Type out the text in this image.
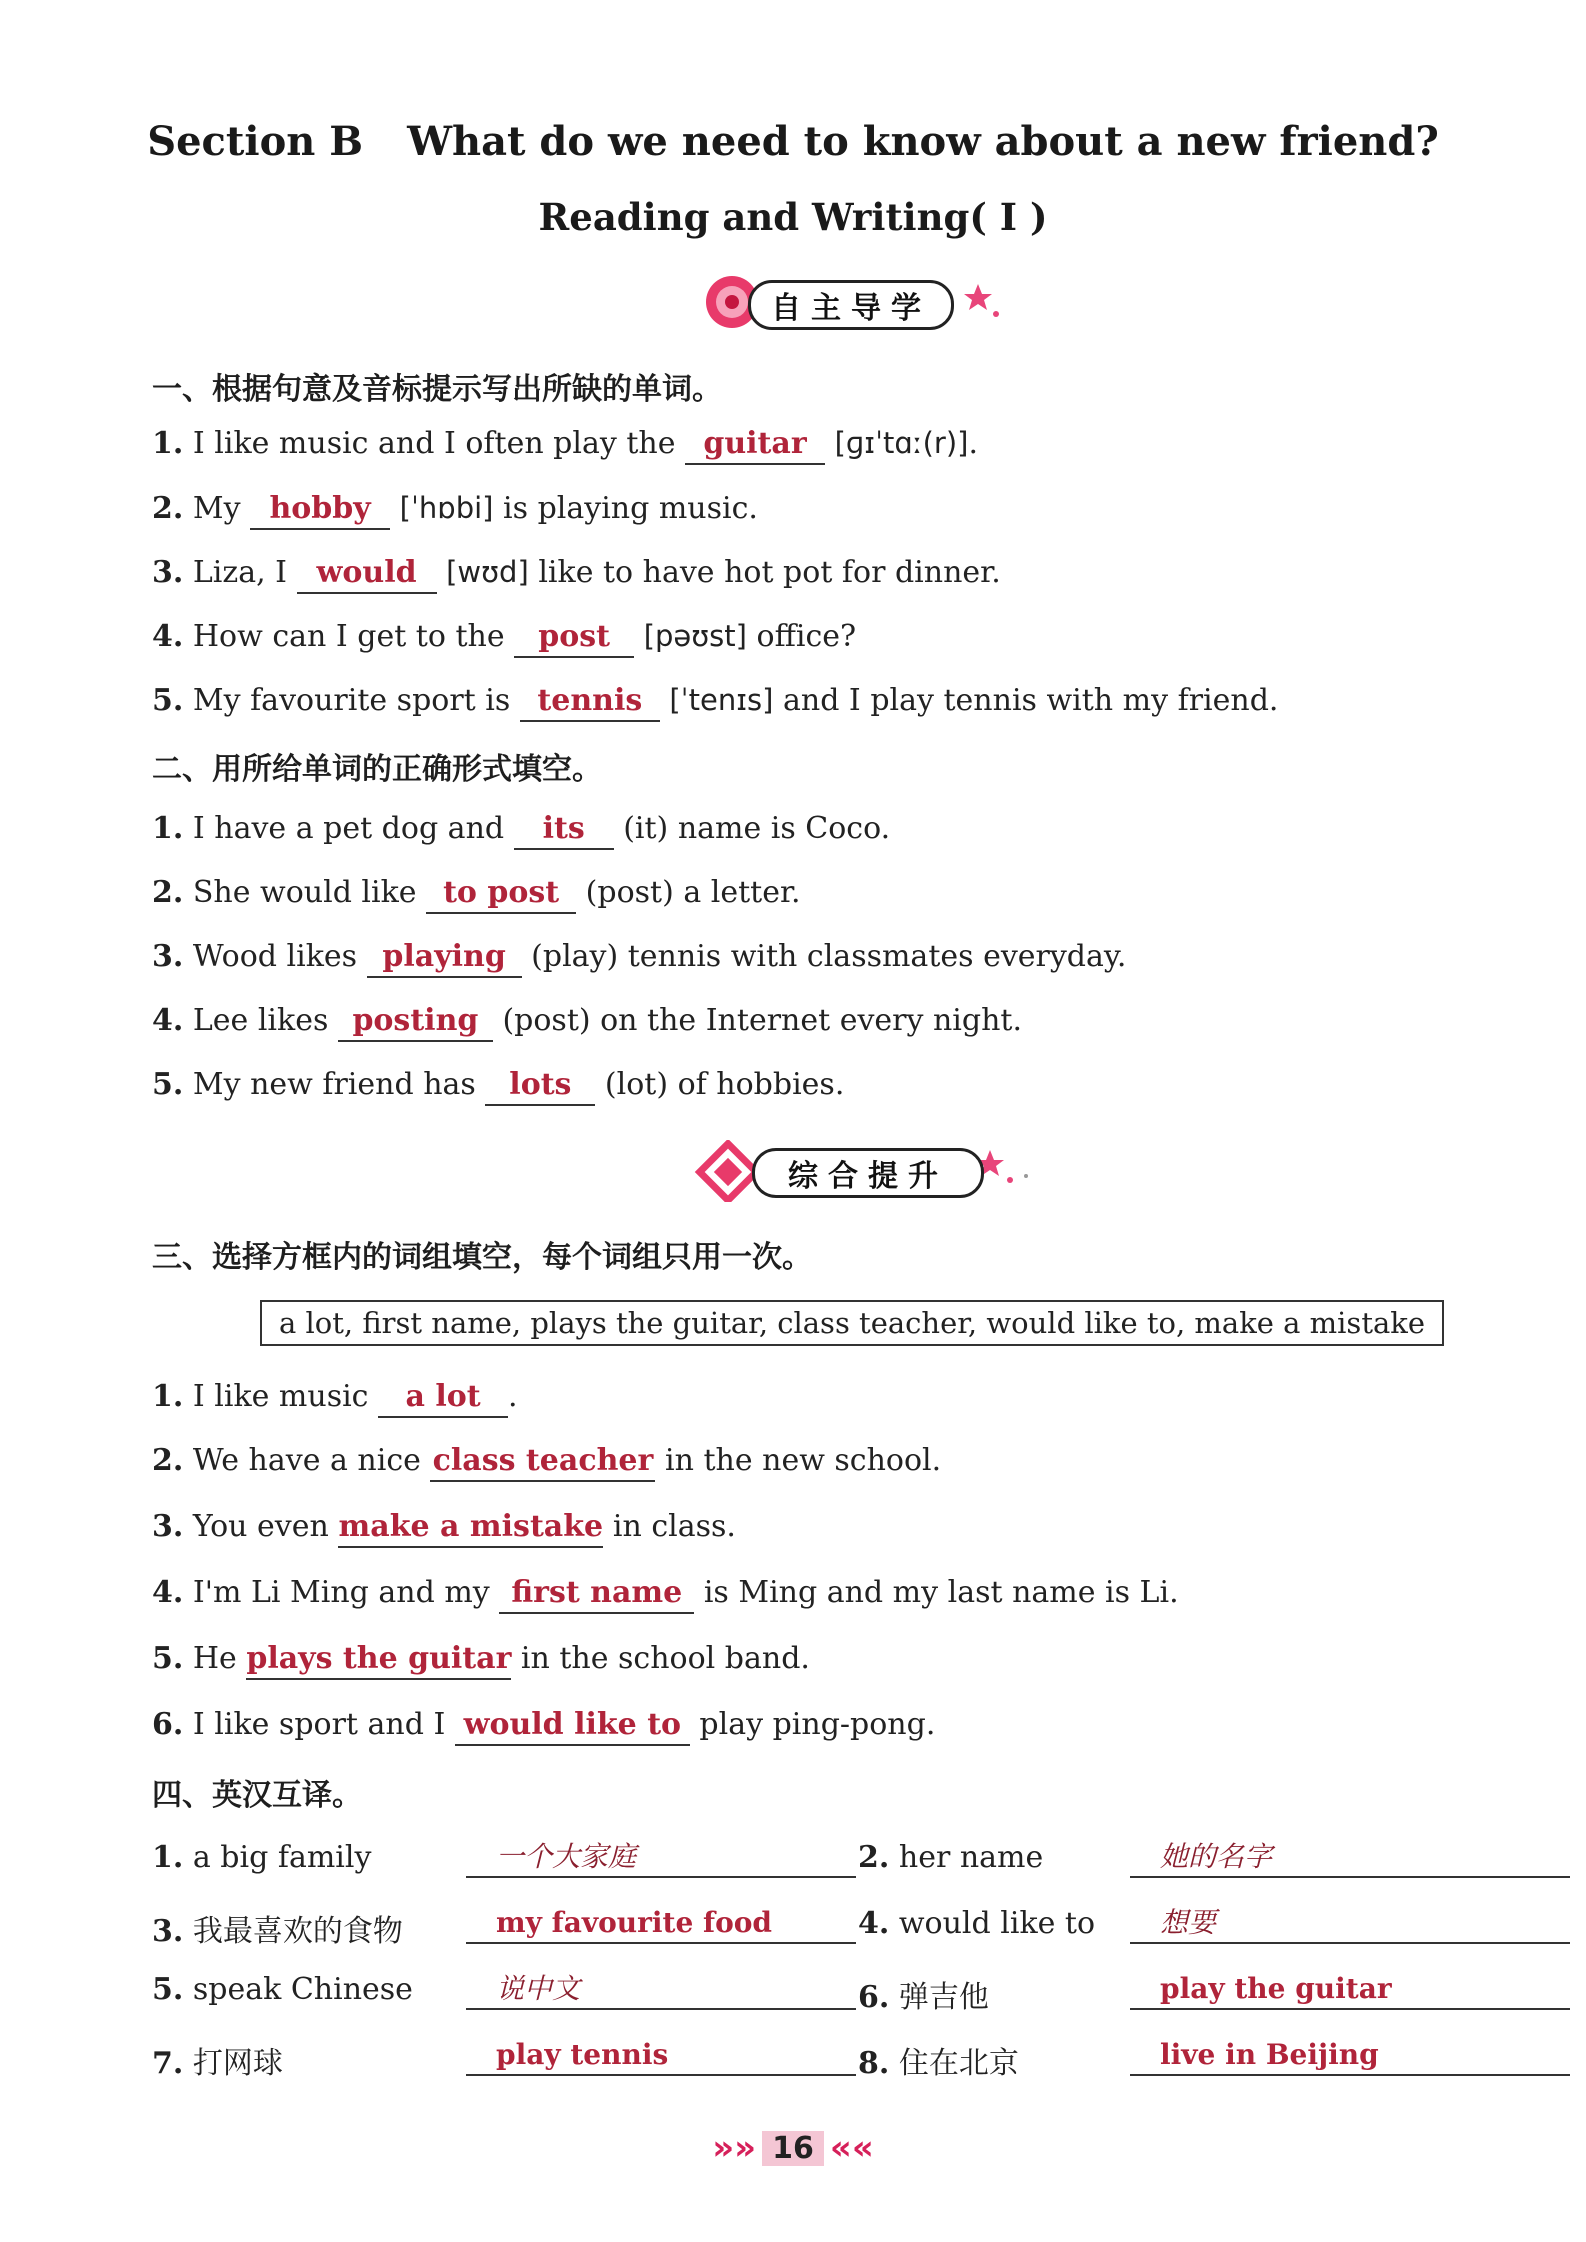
Section B What do we need to know about a new friend?
Reading and Writing( Ⅰ )
自主导学
一、根据句意及音标提示写出所缺的单词。
1. I like music and I often play the guitar [ɡɪˈtɑː(r)].
2. My hobby [ˈhɒbi] is playing music.
3. Liza, I would [wʊd] like to have hot pot for dinner.
4. How can I get to the post [pəʊst] office?
5. My favourite sport is tennis [ˈtenɪs] and I play tennis with my friend.
二、用所给单词的正确形式填空。
1. I have a pet dog and its (it) name is Coco.
2. She would like to post (post) a letter.
3. Wood likes playing (play) tennis with classmates everyday.
4. Lee likes posting (post) on the Internet every night.
5. My new friend has lots (lot) of hobbies.
综合提升
三、选择方框内的词组填空，每个词组只用一次。
a lot, first name, plays the guitar, class teacher, would like to, make a mistake
1. I like music a lot .
2. We have a nice class teacher in the new school.
3. You even make a mistake in class.
4. I'm Li Ming and my first name is Ming and my last name is Li.
5. He plays the guitar in the school band.
6. I like sport and I would like to play ping-pong.
四、英汉互译。
1. a big family	一个大家庭	2. her name	她的名字
3. 我最喜欢的食物	my favourite food	4. would like to	想要
5. speak Chinese	说中文	6. 弹吉他	play the guitar
7. 打网球	play tennis	8. 住在北京	live in Beijing
»» 16 ««
